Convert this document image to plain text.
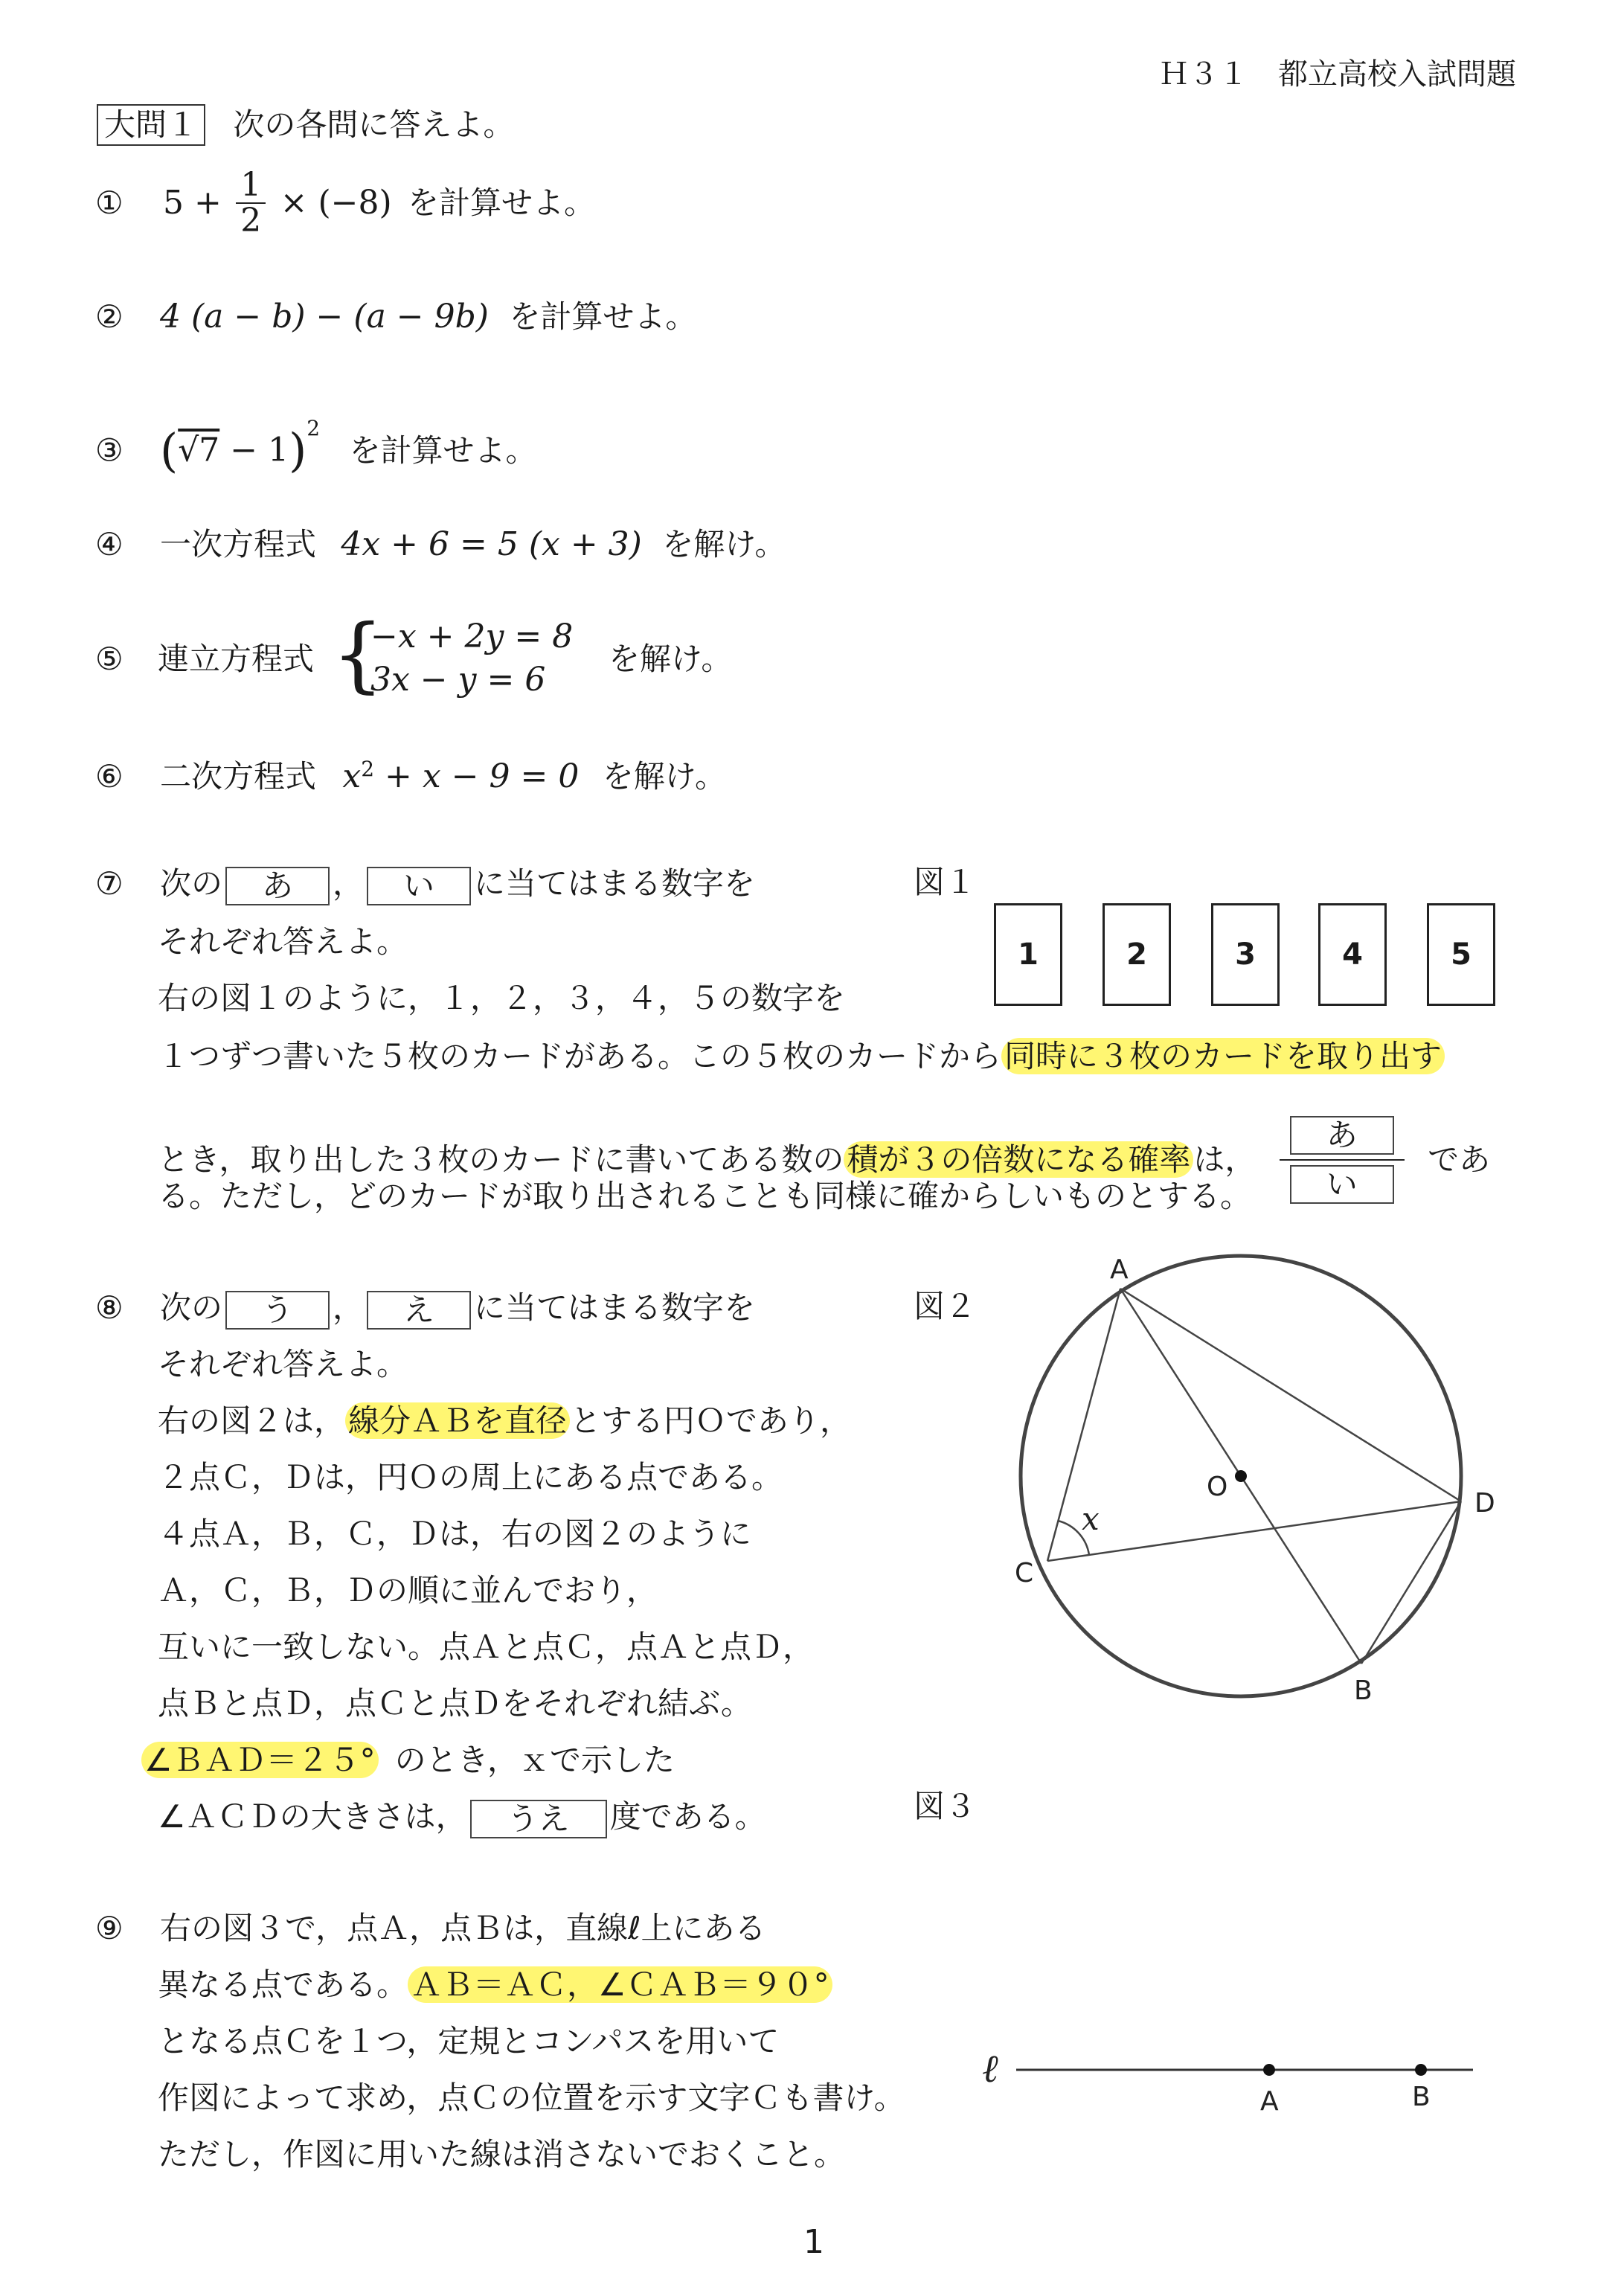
Ｈ３１　都立高校入試問題
大問１ 次の各問に答えよ。
① $5 + \frac{1}{2} \times (-8)$ を計算せよ。
② 4 (a − b) − (a − 9b) を計算せよ。
③ $(√7 - 1)^2$ を計算せよ。
④ 一次方程式 4x + 6 = 5 (x + 3) を解け。
⑤ 連立方程式 {
−x + 2y = 8
3x − y = 6
を解け。
⑥ 二次方程式 $x^2 + x - 9 = 0$ を解け。
⑦ 次の あ ， い に当てはまる数字を
それぞれ答えよ。
右の図１のように，１，２，３，４，５の数字を
１つずつ書いた５枚のカードがある。この５枚のカードから同時に３枚のカードを取り出す
とき，取り出した３枚のカードに書いてある数の積が３の倍数になる確率は， $\frac{\text{あ}}{\text{い}}$ であ
る。ただし，どのカードが取り出されることも同様に確からしいものとする。
図１
1	2	3	4	5
⑧ 次の う ， え に当てはまる数字を
それぞれ答えよ。
右の図２は，線分ＡＢを直径とする円Ｏであり，
２点Ｃ，Ｄは，円Ｏの周上にある点である。
４点Ａ，Ｂ，Ｃ，Ｄは，右の図２のように
Ａ，Ｃ，Ｂ，Ｄの順に並んでおり，
互いに一致しない。点Ａと点Ｃ，点Ａと点Ｄ，
点Ｂと点Ｄ，点Ｃと点Ｄをそれぞれ結ぶ。
∠ＢＡＤ＝２５° のとき，ｘで示した
∠ＡＣＤの大きさは， うえ 度である。
図２
A
B
C
D
O
x
図３
⑨ 右の図３で，点Ａ，点Ｂは，直線ℓ上にある
異なる点である。ＡＢ＝ＡＣ，∠ＣＡＢ＝９０°
となる点Ｃを１つ，定規とコンパスを用いて
作図によって求め，点Ｃの位置を示す文字Ｃも書け。
ただし，作図に用いた線は消さないでおくこと。
ℓ
A	B
1
